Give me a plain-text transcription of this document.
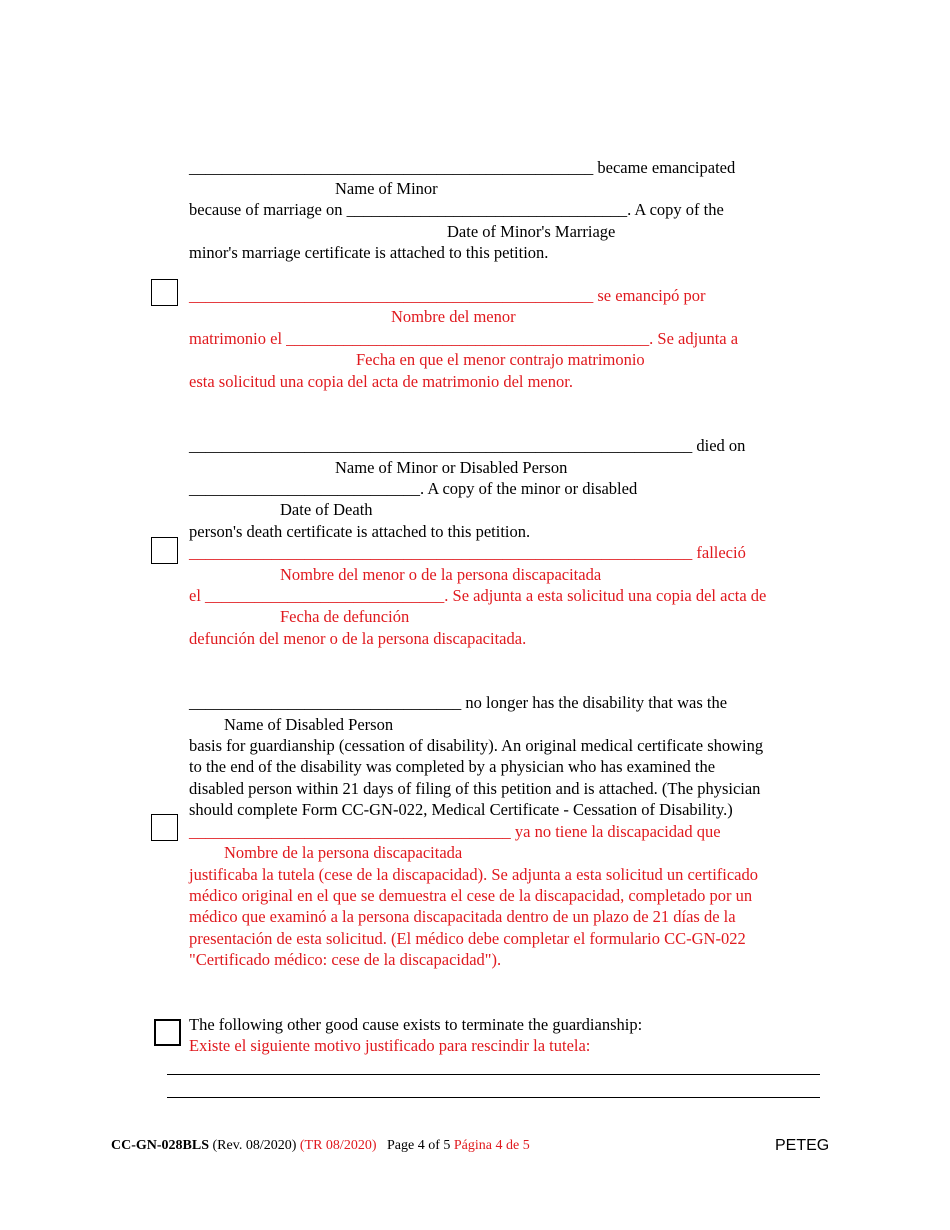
_________________________________________________ became emancipated
Name of Minor
because of marriage on __________________________________. A copy of the
Date of Minor's Marriage
minor's marriage certificate is attached to this petition.
_________________________________________________ se emancipó por
Nombre del menor
matrimonio el ____________________________________________. Se adjunta a
Fecha en que el menor contrajo matrimonio
esta solicitud una copia del acta de matrimonio del menor.
_____________________________________________________________ died on
Name of Minor or Disabled Person
____________________________. A copy of the minor or disabled
Date of Death
person's death certificate is attached to this petition.
_____________________________________________________________ falleció
Nombre del menor o de la persona discapacitada
el _____________________________. Se adjunta a esta solicitud una copia del acta de
Fecha de defunción
defunción del menor o de la persona discapacitada.
_________________________________ no longer has the disability that was the
Name of Disabled Person
basis for guardianship (cessation of disability). An original medical certificate showing
to the end of the disability was completed by a physician who has examined the
disabled person within 21 days of filing of this petition and is attached. (The physician
should complete Form CC-GN-022, Medical Certificate - Cessation of Disability.)
_______________________________________ ya no tiene la discapacidad que
Nombre de la persona discapacitada
justificaba la tutela (cese de la discapacidad). Se adjunta a esta solicitud un certificado
médico original en el que se demuestra el cese de la discapacidad, completado por un
médico que examinó a la persona discapacitada dentro de un plazo de 21 días de la
presentación de esta solicitud. (El médico debe completar el formulario CC-GN-022
"Certificado médico: cese de la discapacidad").
The following other good cause exists to terminate the guardianship:
Existe el siguiente motivo justificado para rescindir la tutela:
CC-GN-028BLS (Rev. 08/2020) (TR 08/2020) Page 4 of 5 Página 4 de 5	PETEG
